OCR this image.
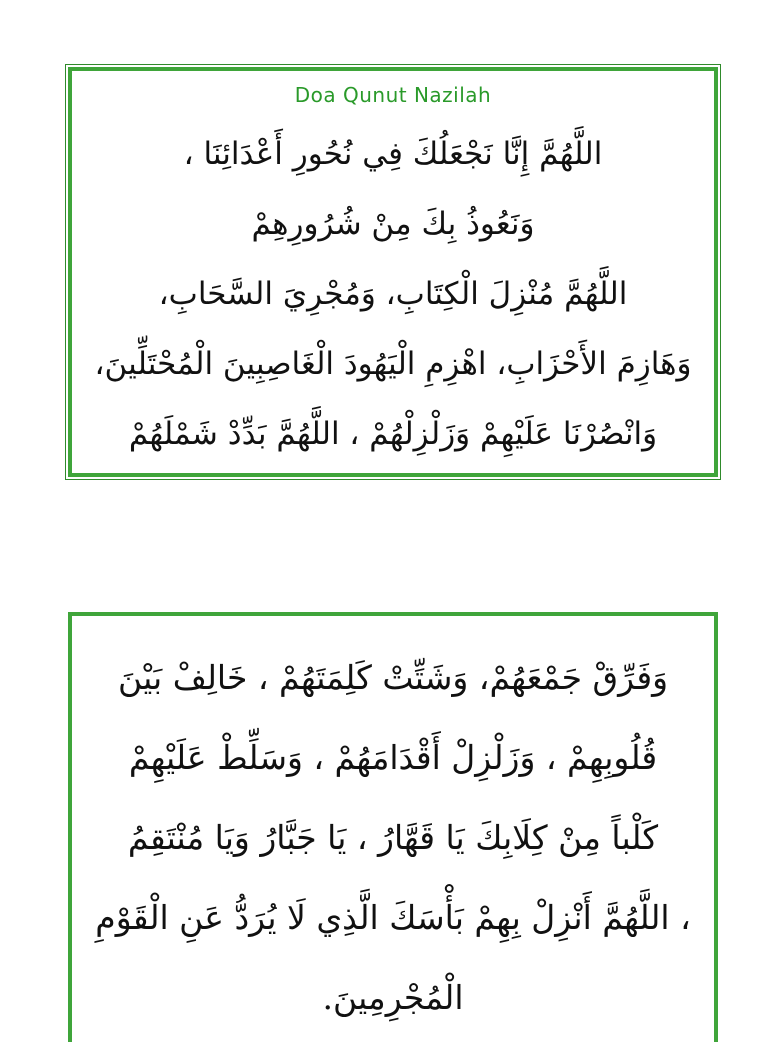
Doa Qunut Nazilah
اللَّهُمَّ إِنَّا نَجْعَلُكَ فِي نُحُورِ أَعْدَائِنَا ،
وَنَعُوذُ بِكَ مِنْ شُرُورِهِمْ
اللَّهُمَّ مُنْزِلَ الْكِتَابِ، وَمُجْرِيَ السَّحَابِ،
وَهَازِمَ الأَحْزَابِ، اهْزِمِ الْيَهُودَ الْغَاصِبِينَ الْمُحْتَلِّينَ،
وَانْصُرْنَا عَلَيْهِمْ وَزَلْزِلْهُمْ ، اللَّهُمَّ بَدِّدْ شَمْلَهُمْ
وَفَرِّقْ جَمْعَهُمْ، وَشَتِّتْ كَلِمَتَهُمْ ، خَالِفْ بَيْنَ
قُلُوبِهِمْ ، وَزَلْزِلْ أَقْدَامَهُمْ ، وَسَلِّطْ عَلَيْهِمْ
كَلْباً مِنْ كِلَابِكَ يَا قَهَّارُ ، يَا جَبَّارُ وَيَا مُنْتَقِمُ
، اللَّهُمَّ أَنْزِلْ بِهِمْ بَأْسَكَ الَّذِي لَا يُرَدُّ عَنِ الْقَوْمِ
الْمُجْرِمِينَ.
